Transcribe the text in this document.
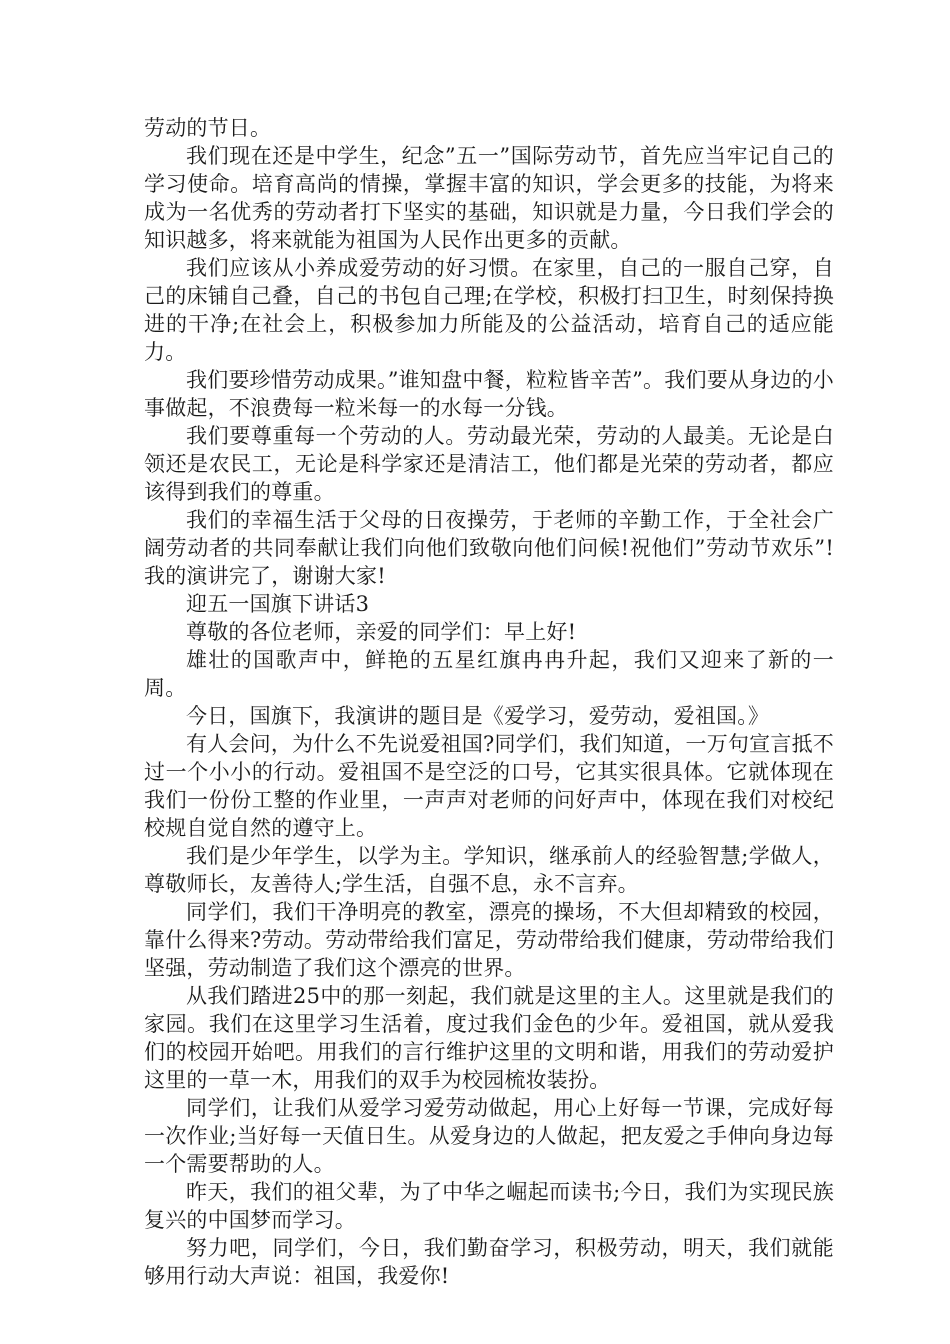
劳动的节日。

我们现在还是中学生，纪念”五一”国际劳动节，首先应当牢记自己的学习使命。培育高尚的情操，掌握丰富的知识，学会更多的技能，为将来成为一名优秀的劳动者打下坚实的基础，知识就是力量，今日我们学会的知识越多，将来就能为祖国为人民作出更多的贡献。

我们应该从小养成爱劳动的好习惯。在家里，自己的一服自己穿，自己的床铺自己叠，自己的书包自己理;在学校，积极打扫卫生，时刻保持换进的干净;在社会上，积极参加力所能及的公益活动，培育自己的适应能力。

我们要珍惜劳动成果。”谁知盘中餐，粒粒皆辛苦”。我们要从身边的小事做起，不浪费每一粒米每一的水每一分钱。

我们要尊重每一个劳动的人。劳动最光荣，劳动的人最美。无论是白领还是农民工，无论是科学家还是清洁工，他们都是光荣的劳动者，都应该得到我们的尊重。

我们的幸福生活于父母的日夜操劳，于老师的辛勤工作，于全社会广阔劳动者的共同奉献让我们向他们致敬向他们问候!祝他们”劳动节欢乐”!我的演讲完了，谢谢大家!

迎五一国旗下讲话3

尊敬的各位老师，亲爱的同学们：早上好!

雄壮的国歌声中，鲜艳的五星红旗冉冉升起，我们又迎来了新的一周。

今日，国旗下，我演讲的题目是《爱学习，爱劳动，爱祖国。》

有人会问，为什么不先说爱祖国?同学们，我们知道，一万句宣言抵不过一个小小的行动。爱祖国不是空泛的口号，它其实很具体。它就体现在我们一份份工整的作业里，一声声对老师的问好声中，体现在我们对校纪校规自觉自然的遵守上。

我们是少年学生，以学为主。学知识，继承前人的经验智慧;学做人，尊敬师长，友善待人;学生活，自强不息，永不言弃。

同学们，我们干净明亮的教室，漂亮的操场，不大但却精致的校园，靠什么得来?劳动。劳动带给我们富足，劳动带给我们健康，劳动带给我们坚强，劳动制造了我们这个漂亮的世界。

从我们踏进25中的那一刻起，我们就是这里的主人。这里就是我们的家园。我们在这里学习生活着，度过我们金色的少年。爱祖国，就从爱我们的校园开始吧。用我们的言行维护这里的文明和谐，用我们的劳动爱护这里的一草一木，用我们的双手为校园梳妆装扮。

同学们，让我们从爱学习爱劳动做起，用心上好每一节课，完成好每一次作业;当好每一天值日生。从爱身边的人做起，把友爱之手伸向身边每一个需要帮助的人。

昨天，我们的祖父辈，为了中华之崛起而读书;今日，我们为实现民族复兴的中国梦而学习。

努力吧，同学们，今日，我们勤奋学习，积极劳动，明天，我们就能够用行动大声说：祖国，我爱你!
